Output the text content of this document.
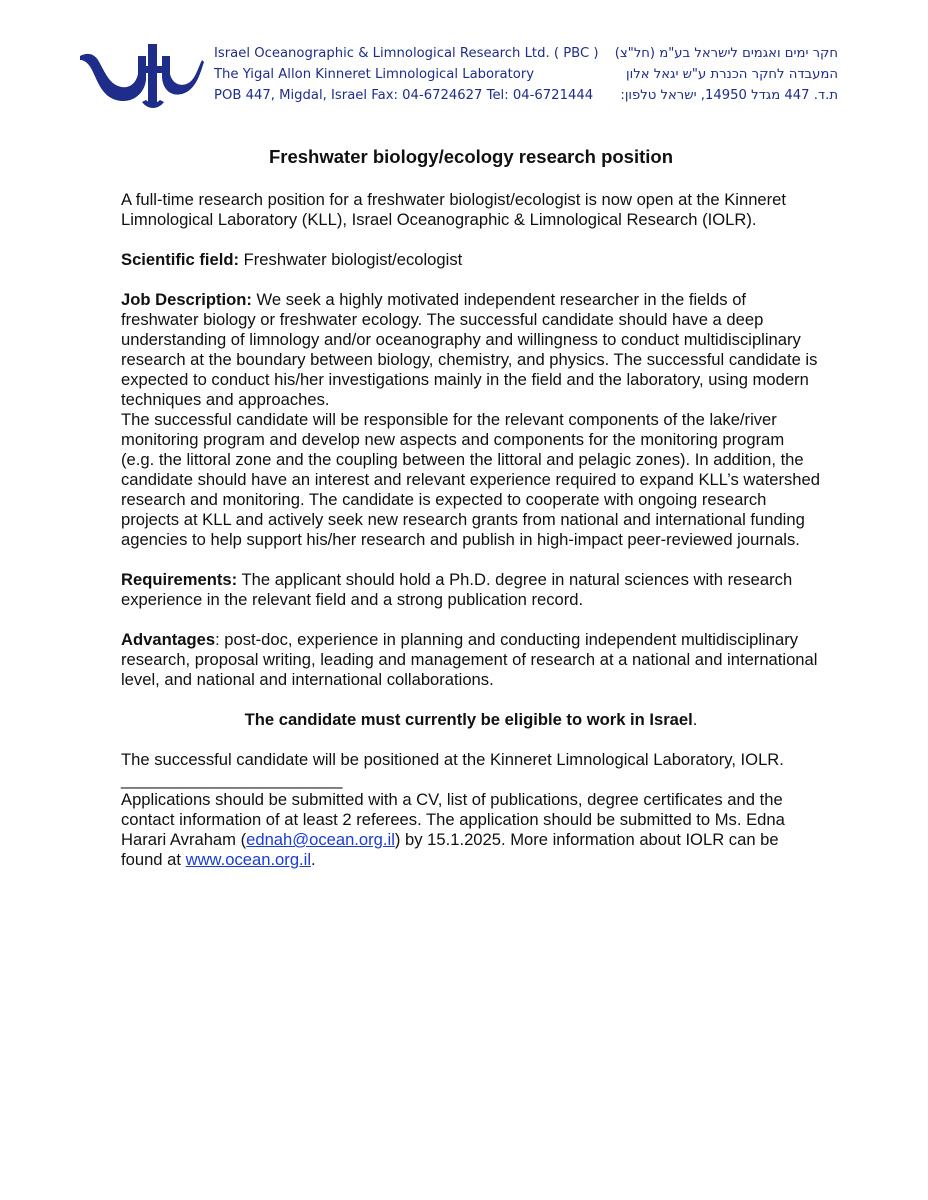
Israel Oceanographic & Limnological Research Ltd. ( PBC ) חקר ימים ואגמים לישראל בע"מ (חל"צ)
The Yigal Allon Kinneret Limnological Laboratory	המעבדה לחקר הכנרת ע"ש יגאל אלון
POB 447, Migdal, Israel Fax: 04-6724627 Tel: 04-6721444 ת.ד. 447 מגדל 14950, ישראל טלפון:
Freshwater biology/ecology research position

A full-time research position for a freshwater biologist/ecologist is now open at the Kinneret Limnological Laboratory (KLL), Israel Oceanographic & Limnological Research (IOLR).

Scientific field: Freshwater biologist/ecologist

Job Description: We seek a highly motivated independent researcher in the fields of freshwater biology or freshwater ecology. The successful candidate should have a deep understanding of limnology and/or oceanography and willingness to conduct multidisciplinary research at the boundary between biology, chemistry, and physics. The successful candidate is expected to conduct his/her investigations mainly in the field and the laboratory, using modern techniques and approaches.

The successful candidate will be responsible for the relevant components of the lake/river monitoring program and develop new aspects and components for the monitoring program (e.g. the littoral zone and the coupling between the littoral and pelagic zones). In addition, the candidate should have an interest and relevant experience required to expand KLL’s watershed research and monitoring. The candidate is expected to cooperate with ongoing research projects at KLL and actively seek new research grants from national and international funding agencies to help support his/her research and publish in high-impact peer-reviewed journals.

Requirements: The applicant should hold a Ph.D. degree in natural sciences with research experience in the relevant field and a strong publication record.

Advantages: post-doc, experience in planning and conducting independent multidisciplinary research, proposal writing, leading and management of research at a national and international level, and national and international collaborations.

The candidate must currently be eligible to work in Israel.

The successful candidate will be positioned at the Kinneret Limnological Laboratory, IOLR.

________________________

Applications should be submitted with a CV, list of publications, degree certificates and the contact information of at least 2 referees. The application should be submitted to Ms. Edna Harari Avraham (ednah@ocean.org.il) by 15.1.2025. More information about IOLR can be found at www.ocean.org.il.
